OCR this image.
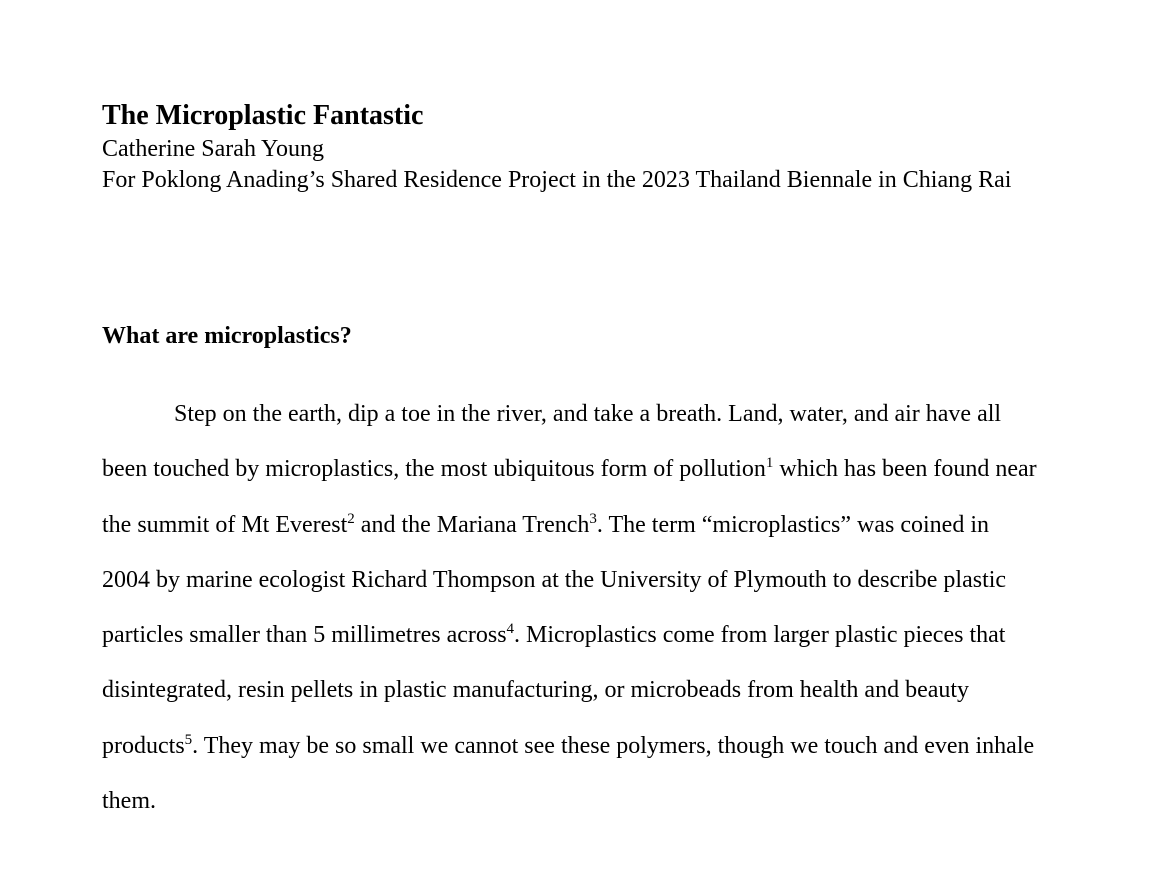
The Microplastic Fantastic
Catherine Sarah Young
For Poklong Anading’s Shared Residence Project in the 2023 Thailand Biennale in Chiang Rai
What are microplastics?
Step on the earth, dip a toe in the river, and take a breath. Land, water, and air have all
been touched by microplastics, the most ubiquitous form of pollution$^1$ which has been found near
the summit of Mt Everest$^2$ and the Mariana Trench$^3$. The term “microplastics” was coined in
2004 by marine ecologist Richard Thompson at the University of Plymouth to describe plastic
particles smaller than 5 millimetres across$^4$. Microplastics come from larger plastic pieces that
disintegrated, resin pellets in plastic manufacturing, or microbeads from health and beauty
products$^5$. They may be so small we cannot see these polymers, though we touch and even inhale
them.
